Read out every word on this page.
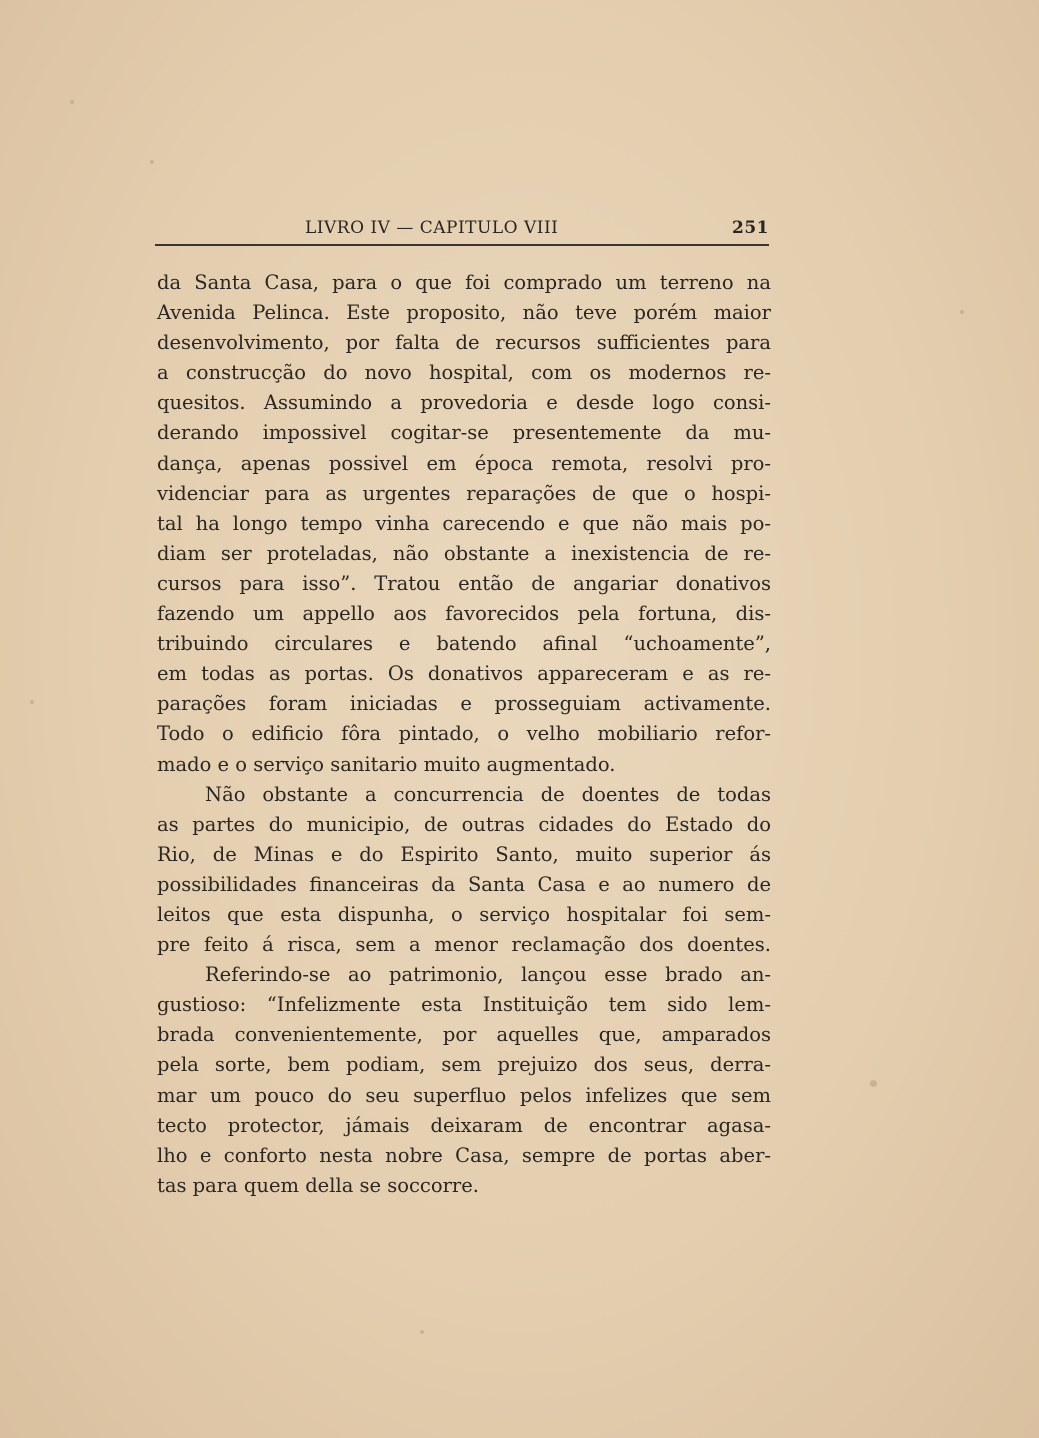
LIVRO IV — CAPITULO VIII	251
da Santa Casa, para o que foi comprado um terreno na
Avenida Pelinca. Este proposito, não teve porém maior
desenvolvimento, por falta de recursos sufficientes para
a construcção do novo hospital, com os modernos re-
quesitos. Assumindo a provedoria e desde logo consi-
derando impossivel cogitar-se presentemente da mu-
dança, apenas possivel em época remota, resolvi pro-
videnciar para as urgentes reparações de que o hospi-
tal ha longo tempo vinha carecendo e que não mais po-
diam ser proteladas, não obstante a inexistencia de re-
cursos para isso”. Tratou então de angariar donativos
fazendo um appello aos favorecidos pela fortuna, dis-
tribuindo circulares e batendo afinal “uchoamente”,
em todas as portas. Os donativos appareceram e as re-
parações foram iniciadas e prosseguiam activamente.
Todo o edificio fôra pintado, o velho mobiliario refor-
mado e o serviço sanitario muito augmentado.
Não obstante a concurrencia de doentes de todas
as partes do municipio, de outras cidades do Estado do
Rio, de Minas e do Espirito Santo, muito superior ás
possibilidades financeiras da Santa Casa e ao numero de
leitos que esta dispunha, o serviço hospitalar foi sem-
pre feito á risca, sem a menor reclamação dos doentes.
Referindo-se ao patrimonio, lançou esse brado an-
gustioso: “Infelizmente esta Instituição tem sido lem-
brada convenientemente, por aquelles que, amparados
pela sorte, bem podiam, sem prejuizo dos seus, derra-
mar um pouco do seu superfluo pelos infelizes que sem
tecto protector, jámais deixaram de encontrar agasa-
lho e conforto nesta nobre Casa, sempre de portas aber-
tas para quem della se soccorre.
